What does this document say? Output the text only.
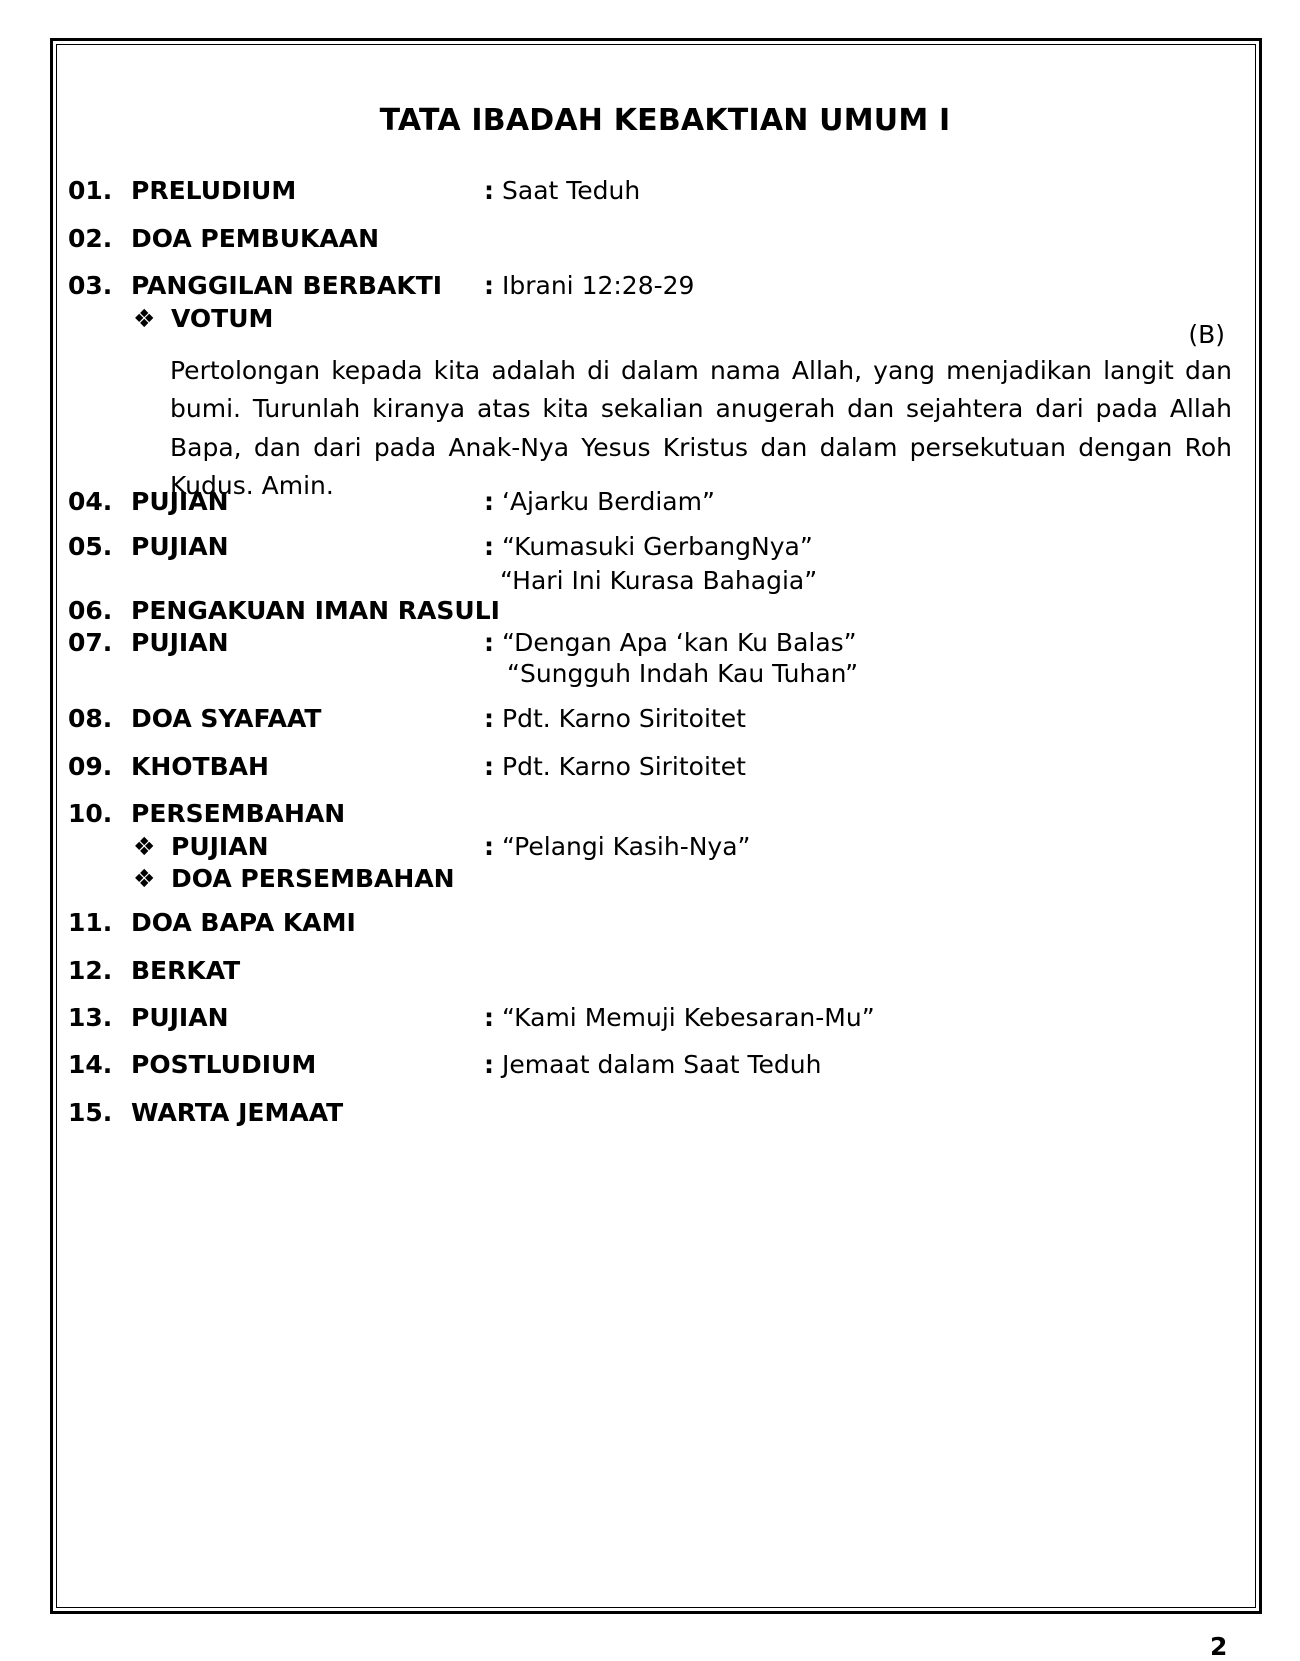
TATA IBADAH KEBAKTIAN UMUM I
01. PRELUDIUM	: Saat Teduh
02. DOA PEMBUKAAN
03. PANGGILAN BERBAKTI : Ibrani 12:28-29
❖ VOTUM
(B)
Pertolongan kepada kita adalah di dalam nama Allah, yang menjadikan langit dan bumi. Turunlah kiranya atas kita sekalian anugerah dan sejahtera dari pada Allah Bapa, dan dari pada Anak-Nya Yesus Kristus dan dalam persekutuan dengan Roh Kudus. Amin.
04. PUJIAN	: ‘Ajarku Berdiam”
05. PUJIAN	: “Kumasuki GerbangNya”
“Hari Ini Kurasa Bahagia”
06. PENGAKUAN IMAN RASULI
07. PUJIAN	: “Dengan Apa ‘kan Ku Balas”
“Sungguh Indah Kau Tuhan”
08. DOA SYAFAAT	: Pdt. Karno Siritoitet
09. KHOTBAH	: Pdt. Karno Siritoitet
10. PERSEMBAHAN
❖ PUJIAN	: “Pelangi Kasih-Nya”
❖ DOA PERSEMBAHAN
11. DOA BAPA KAMI
12. BERKAT
13. PUJIAN	: “Kami Memuji Kebesaran-Mu”
14. POSTLUDIUM	: Jemaat dalam Saat Teduh
15. WARTA JEMAAT
2
